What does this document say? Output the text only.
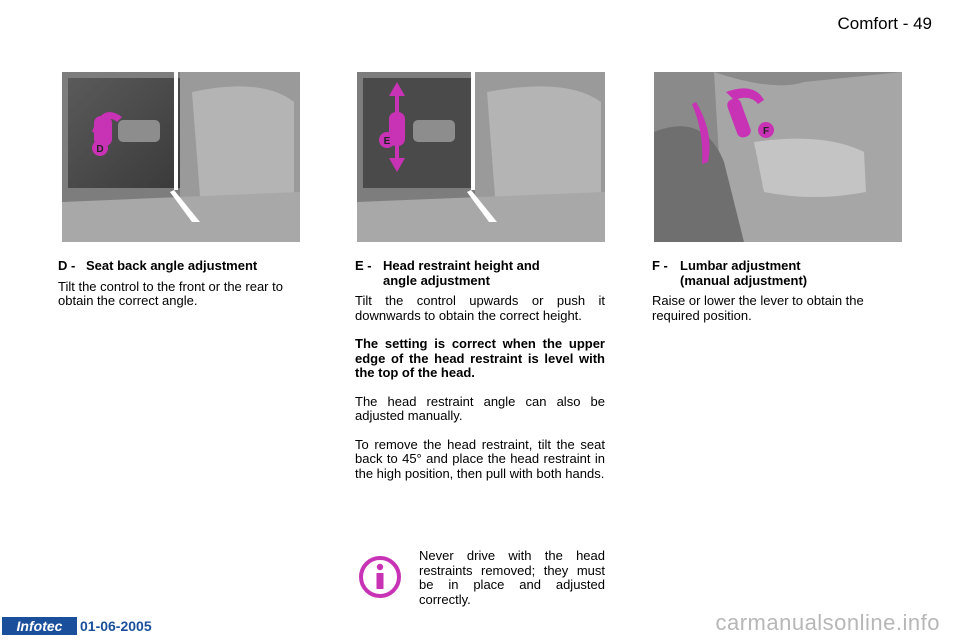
Comfort - 49
D
E
F
D - Seat back angle adjustment

Tilt the control to the front or the rear to obtain the correct angle.

E - Head restraint height and
angle adjustment

Tilt the control upwards or push it downwards to obtain the correct height.

The setting is correct when the upper edge of the head restraint is level with the top of the head.

The head restraint angle can also be adjusted manually.

To remove the head restraint, tilt the seat back to 45° and place the head restraint in the high position, then pull with both hands.

F - Lumbar adjustment
(manual adjustment)

Raise or lower the lever to obtain the required position.

Never drive with the head restraints removed; they must be in place and adjusted correctly.

Infotec	01-06-2005	carmanualsonline.info
